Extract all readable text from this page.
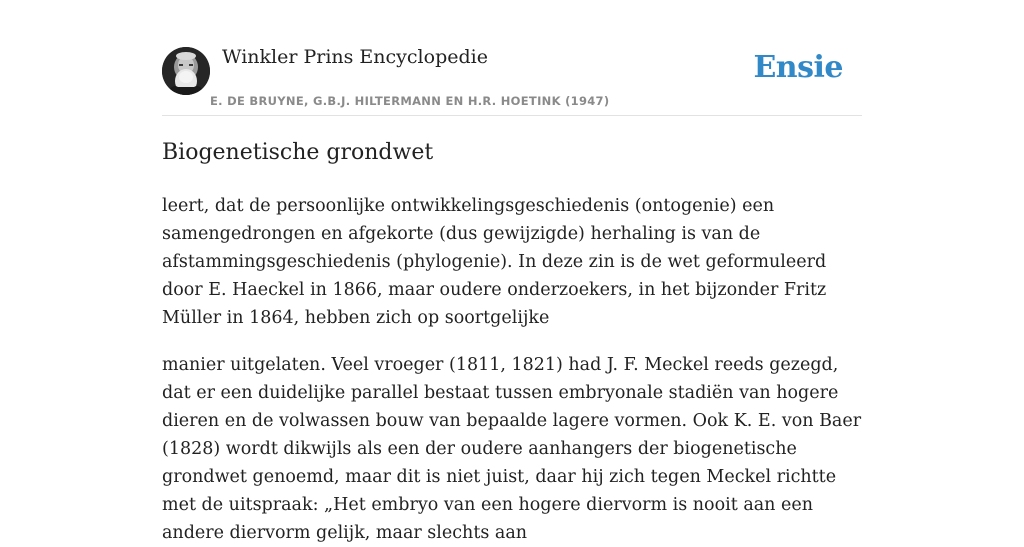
Winkler Prins Encyclopedie
E. DE BRUYNE, G.B.J. HILTERMANN EN H.R. HOETINK (1947)
Ensie
Biogenetische grondwet

leert, dat de persoonlijke ontwikkelingsgeschiedenis (ontogenie) een samengedrongen en afgekorte (dus gewijzigde) herhaling is van de afstammingsgeschiedenis (phylogenie). In deze zin is de wet geformuleerd door E. Haeckel in 1866, maar oudere onderzoekers, in het bijzonder Fritz Müller in 1864, hebben zich op soortgelijke

manier uitgelaten. Veel vroeger (1811, 1821) had J. F. Meckel reeds gezegd, dat er een duidelijke parallel bestaat tussen embryonale stadiën van hogere dieren en de volwassen bouw van bepaalde lagere vormen. Ook K. E. von Baer (1828) wordt dikwijls als een der oudere aanhangers der biogenetische grondwet genoemd, maar dit is niet juist, daar hij zich tegen Meckel richtte met de uitspraak: „Het embryo van een hogere diervorm is nooit aan een andere diervorm gelijk, maar slechts aan
